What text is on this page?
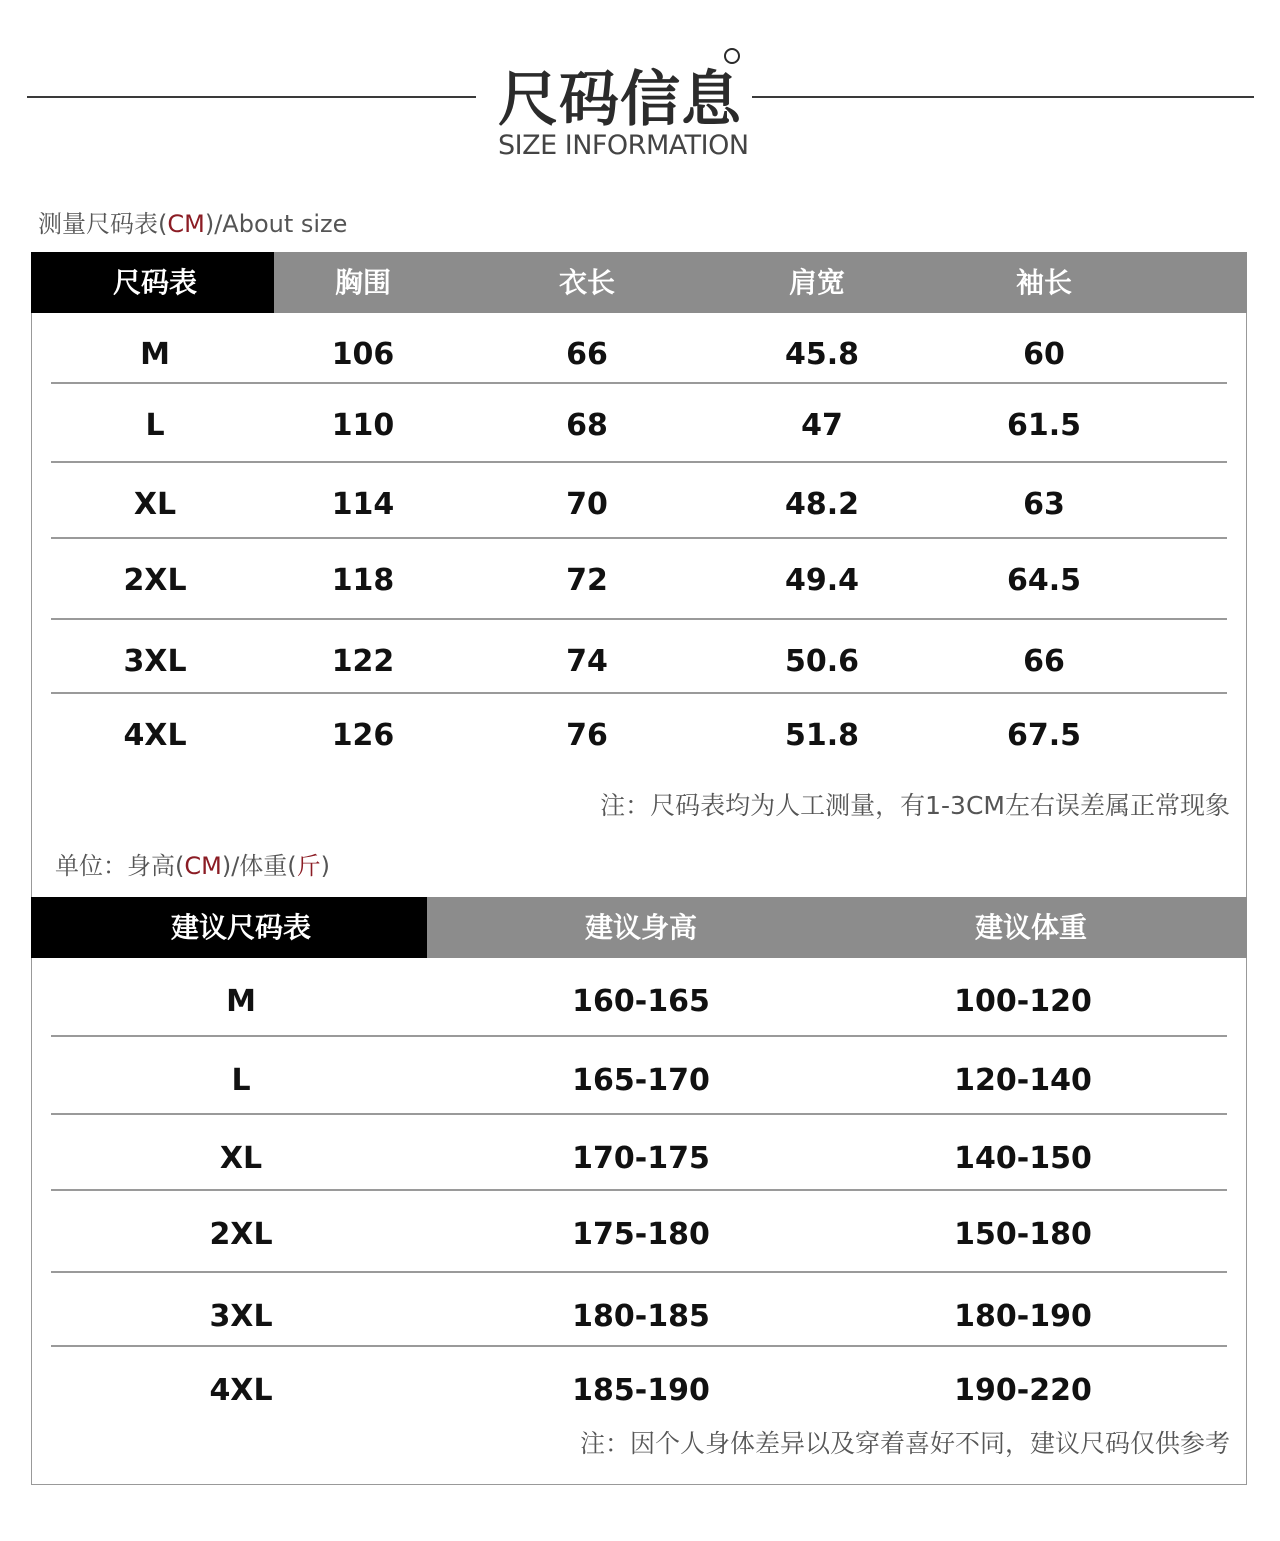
尺码信息
SIZE INFORMATION
测量尺码表(CM)/About size
尺码表	胸围	衣长	肩宽	袖长
M	106	66	45.8	60
L	110	68	47	61.5
XL	114	70	48.2	63
2XL	118	72	49.4	64.5
3XL	122	74	50.6	66
4XL	126	76	51.8	67.5
注：尺码表均为人工测量，有1-3CM左右误差属正常现象
单位：身高(CM)/体重(斤)
建议尺码表	建议身高	建议体重
M	160-165	100-120
L	165-170	120-140
XL	170-175	140-150
2XL	175-180	150-180
3XL	180-185	180-190
4XL	185-190	190-220
注：因个人身体差异以及穿着喜好不同，建议尺码仅供参考
